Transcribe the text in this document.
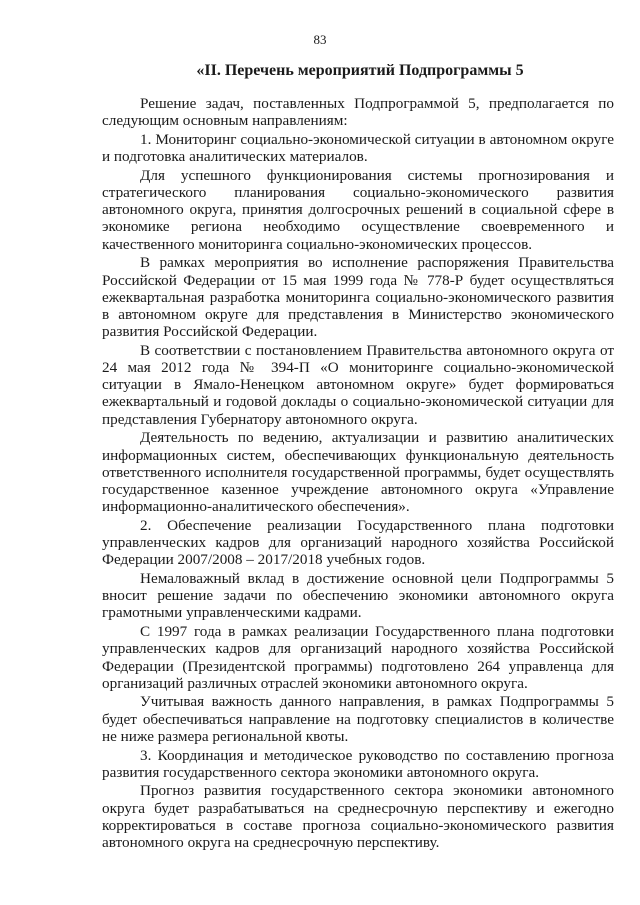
83
«II. Перечень мероприятий Подпрограммы 5

Решение задач, поставленных Подпрограммой 5, предполагается по следующим основным направлениям:

1. Мониторинг социально-экономической ситуации в автономном округе и подготовка аналитических материалов.

Для успешного функционирования системы прогнозирования и стратегического планирования социально-экономического развития автономного округа, принятия долгосрочных решений в социальной сфере в экономике региона необходимо осуществление своевременного и качественного мониторинга социально-экономических процессов.

В рамках мероприятия во исполнение распоряжения Правительства Российской Федерации от 15 мая 1999 года № 778-Р будет осуществляться ежеквартальная разработка мониторинга социально-экономического развития в автономном округе для представления в Министерство экономического развития Российской Федерации.

В соответствии с постановлением Правительства автономного округа от 24 мая 2012 года № 394-П «О мониторинге социально-экономической ситуации в Ямало-Ненецком автономном округе» будет формироваться ежеквартальный и годовой доклады о социально-экономической ситуации для представления Губернатору автономного округа.

Деятельность по ведению, актуализации и развитию аналитических информационных систем, обеспечивающих функциональную деятельность ответственного исполнителя государственной программы, будет осуществлять государственное казенное учреждение автономного округа «Управление информационно-аналитического обеспечения».

2. Обеспечение реализации Государственного плана подготовки управленческих кадров для организаций народного хозяйства Российской Федерации 2007/2008 – 2017/2018 учебных годов.

Немаловажный вклад в достижение основной цели Подпрограммы 5 вносит решение задачи по обеспечению экономики автономного округа грамотными управленческими кадрами.

С 1997 года в рамках реализации Государственного плана подготовки управленческих кадров для организаций народного хозяйства Российской Федерации (Президентской программы) подготовлено 264 управленца для организаций различных отраслей экономики автономного округа.

Учитывая важность данного направления, в рамках Подпрограммы 5 будет обеспечиваться направление на подготовку специалистов в количестве не ниже размера региональной квоты.

3. Координация и методическое руководство по составлению прогноза развития государственного сектора экономики автономного округа.

Прогноз развития государственного сектора экономики автономного округа будет разрабатываться на среднесрочную перспективу и ежегодно корректироваться в составе прогноза социально-экономического развития автономного округа на среднесрочную перспективу.
